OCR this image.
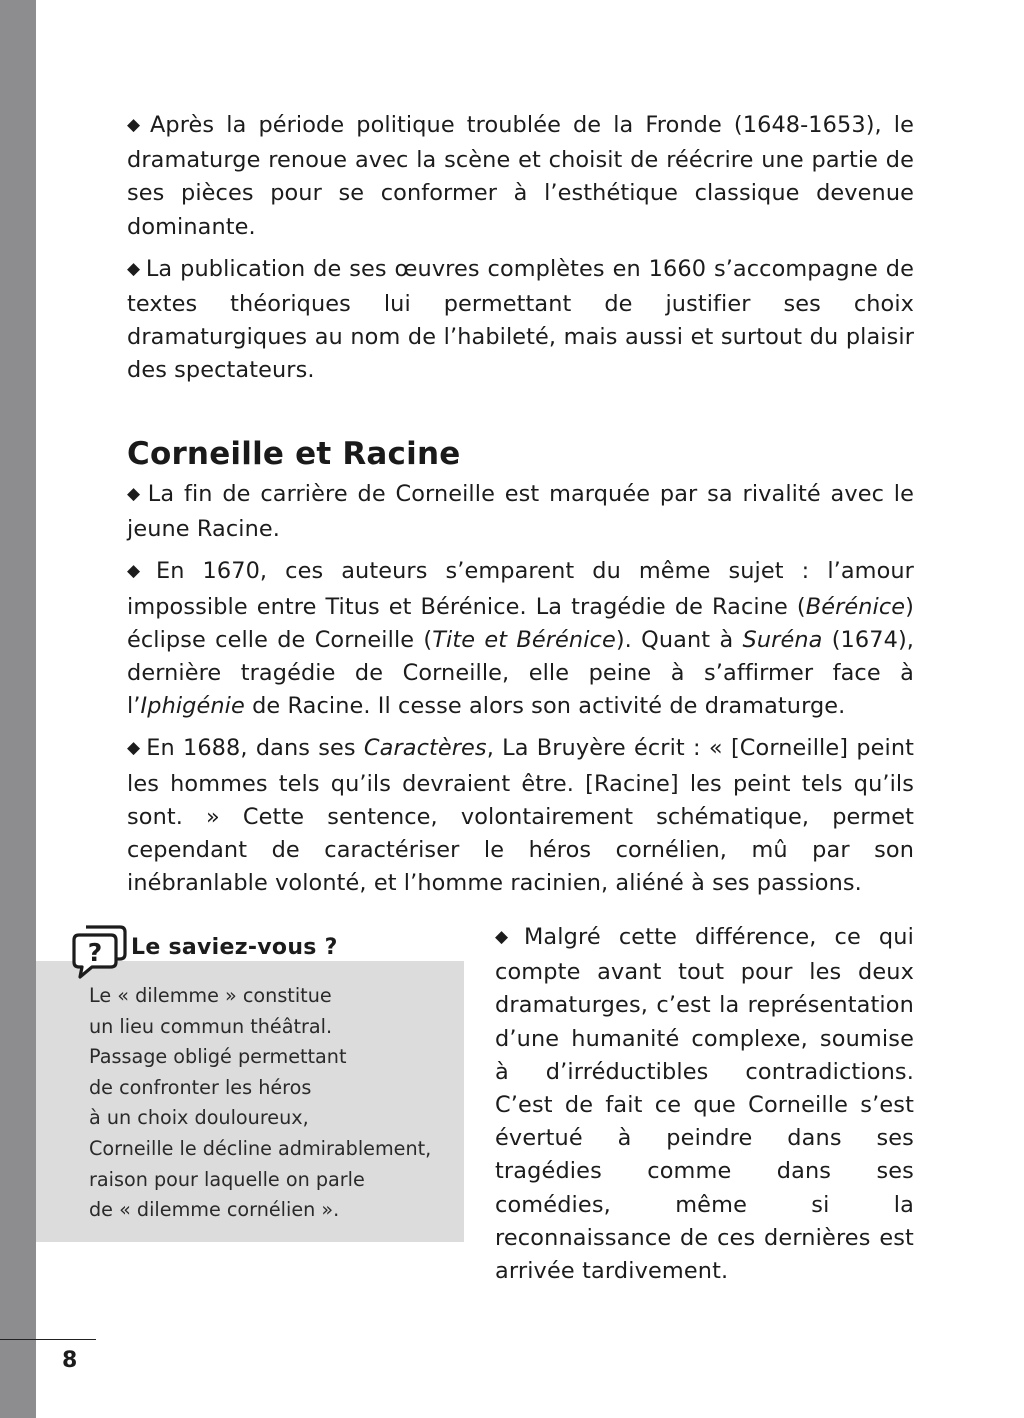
◆ Après la période politique troublée de la Fronde (1648-1653), le dramaturge renoue avec la scène et choisit de réécrire une partie de ses pièces pour se conformer à l’esthétique classique devenue dominante.

◆ La publication de ses œuvres complètes en 1660 s’accompagne de textes théoriques lui permettant de justifier ses choix dramaturgiques au nom de l’habileté, mais aussi et surtout du plaisir des spectateurs.

Corneille et Racine

◆ La fin de carrière de Corneille est marquée par sa rivalité avec le jeune Racine.

◆ En 1670, ces auteurs s’emparent du même sujet : l’amour impossible entre Titus et Bérénice. La tragédie de Racine (Bérénice) éclipse celle de Corneille (Tite et Bérénice). Quant à Suréna (1674), dernière tragédie de Corneille, elle peine à s’affirmer face à l’Iphigénie de Racine. Il cesse alors son activité de dramaturge.

◆ En 1688, dans ses Caractères, La Bruyère écrit : « [Corneille] peint les hommes tels qu’ils devraient être. [Racine] les peint tels qu’ils sont. » Cette sentence, volontairement schématique, permet cependant de caractériser le héros cornélien, mû par son inébranlable volonté, et l’homme racinien, aliéné à ses passions.

? Le saviez-vous ?

Le « dilemme » constitue
un lieu commun théâtral.
Passage obligé permettant
de confronter les héros
à un choix douloureux,
Corneille le décline admirablement,
raison pour laquelle on parle
de « dilemme cornélien ».

◆ Malgré cette différence, ce qui compte avant tout pour les deux dramaturges, c’est la représentation d’une humanité complexe, soumise à d’irréductibles contradictions. C’est de fait ce que Corneille s’est évertué à peindre dans ses tragédies comme dans ses comédies, même si la reconnaissance de ces dernières est arrivée tardivement.

8
